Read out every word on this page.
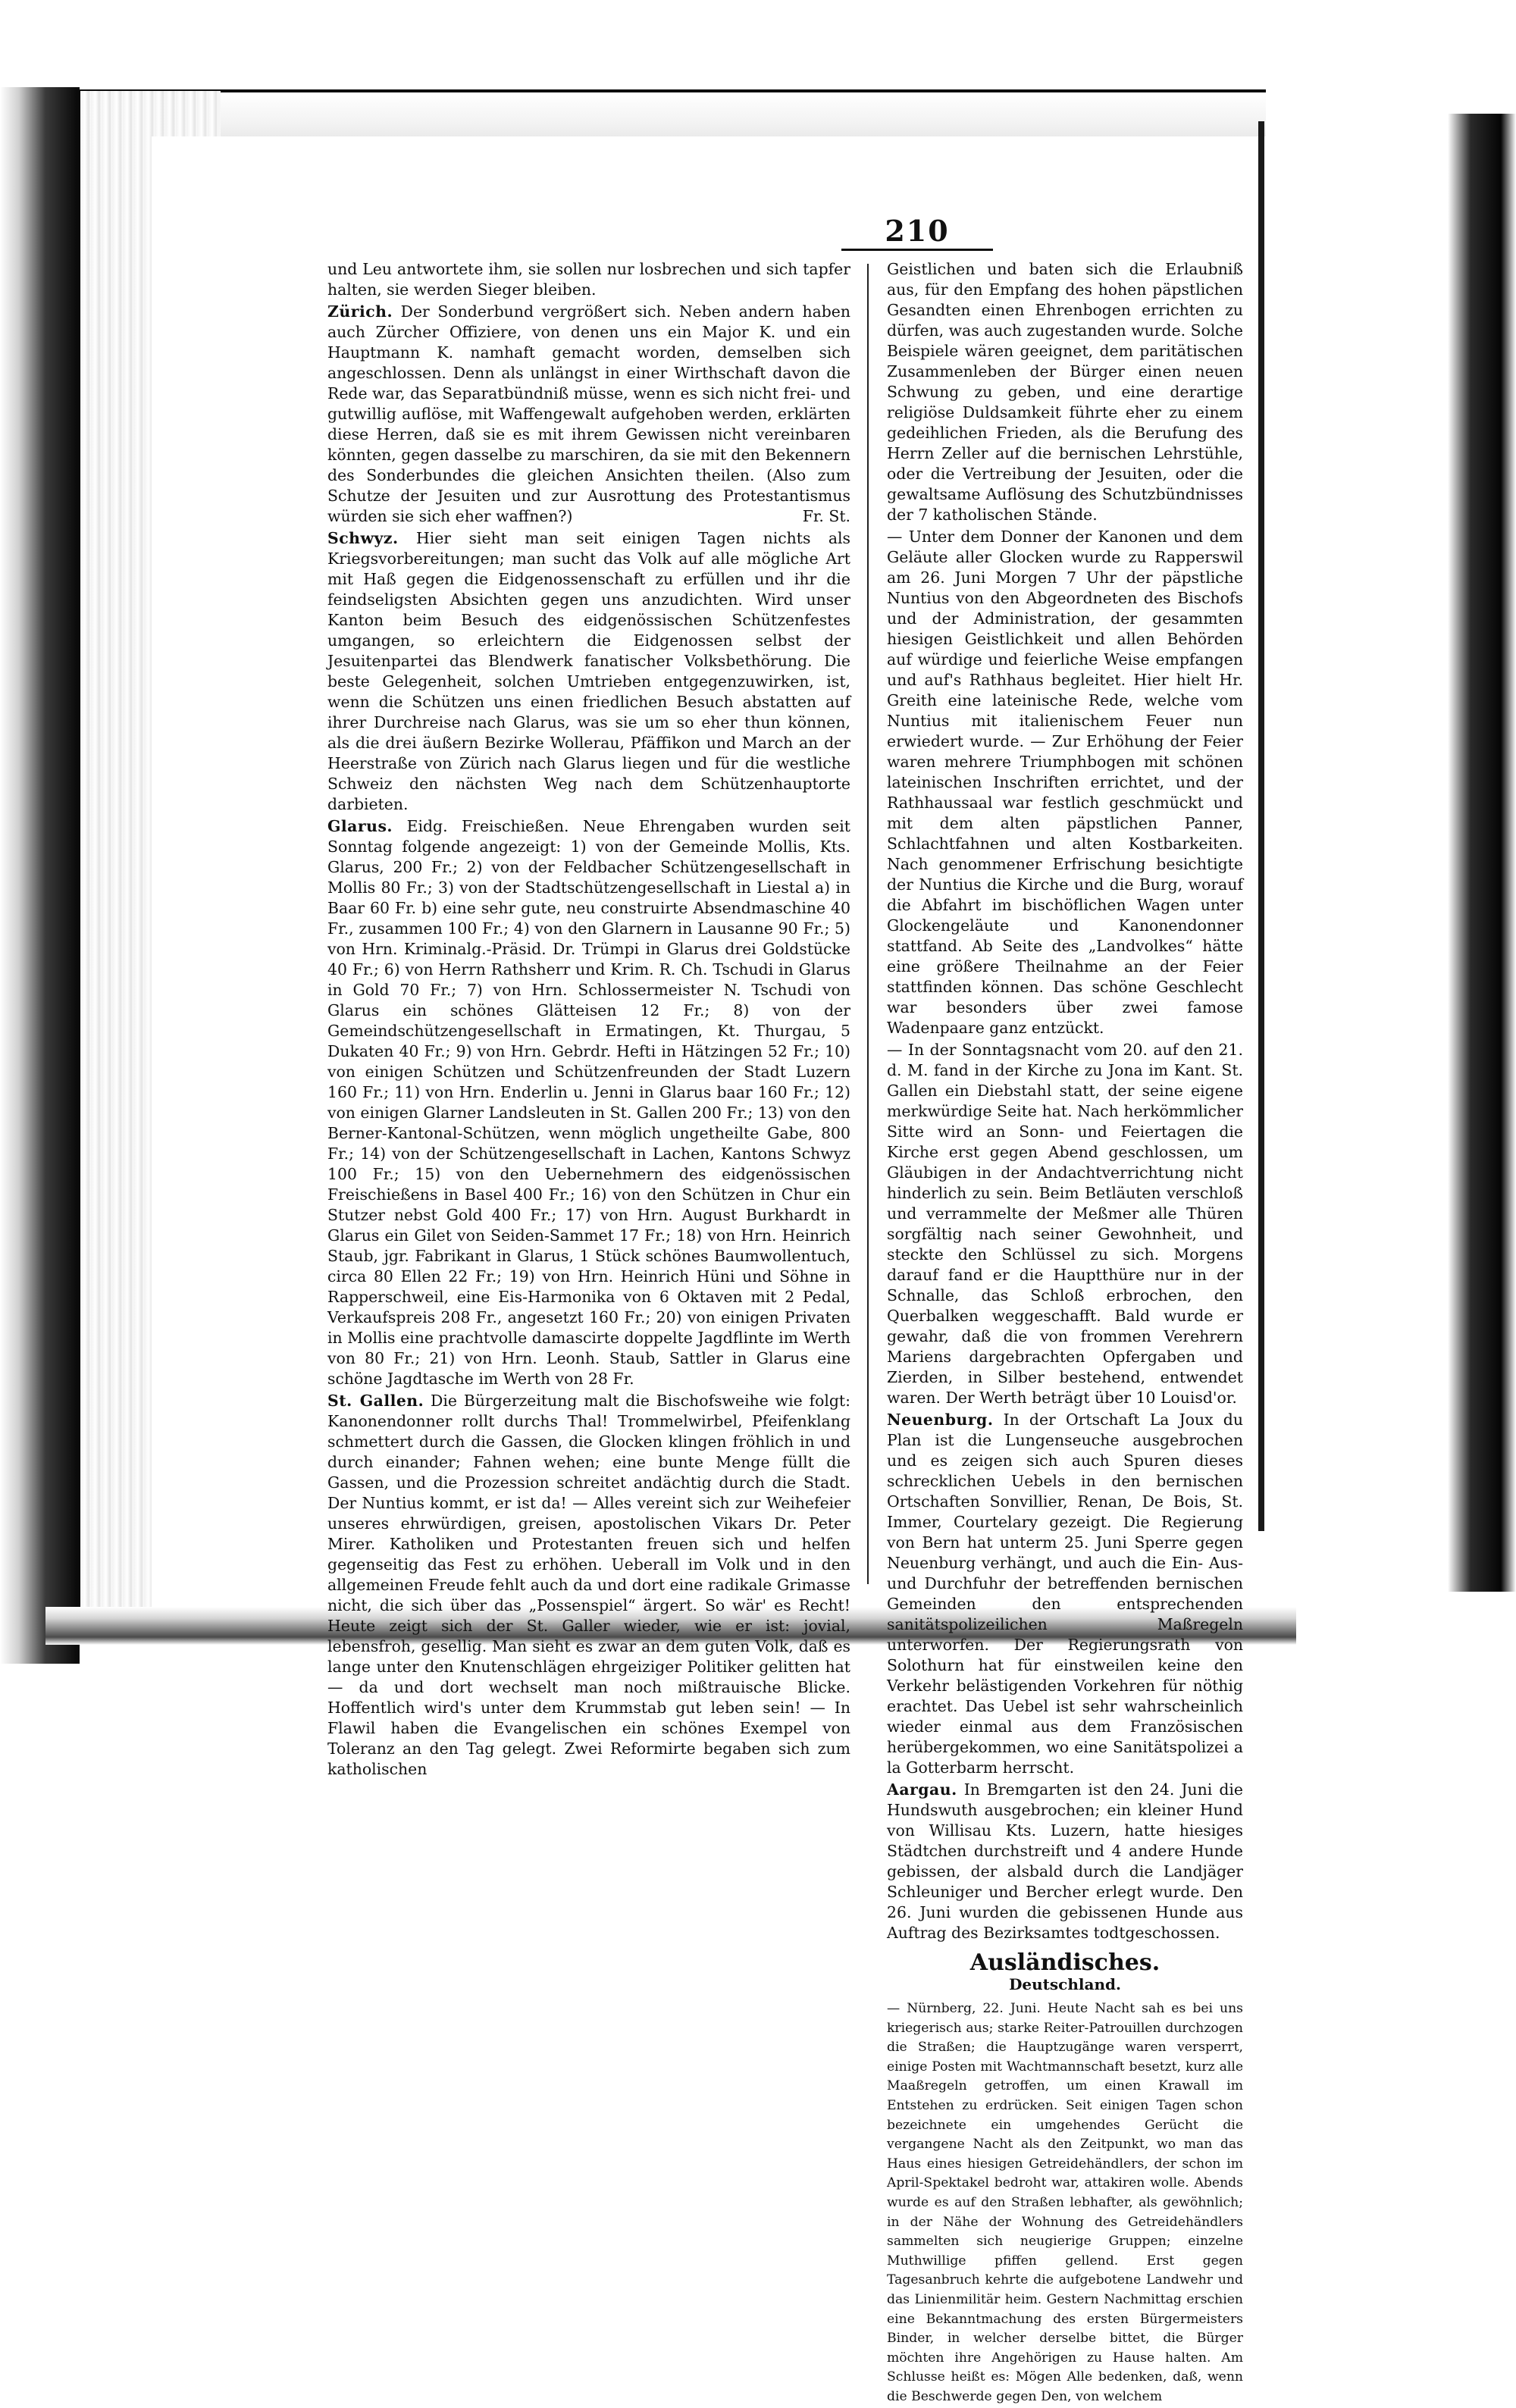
210

und Leu antwortete ihm, sie sollen nur losbrechen und sich tapfer halten, sie werden Sieger bleiben.

Zürich. Der Sonderbund vergrößert sich. Neben andern haben auch Zürcher Offiziere, von denen uns ein Major K. und ein Hauptmann K. namhaft gemacht worden, demselben sich angeschlossen. Denn als unlängst in einer Wirthschaft davon die Rede war, das Separatbündniß müsse, wenn es sich nicht frei- und gutwillig auflöse, mit Waffengewalt aufgehoben werden, erklärten diese Herren, daß sie es mit ihrem Gewissen nicht vereinbaren könnten, gegen dasselbe zu marschiren, da sie mit den Bekennern des Sonderbundes die gleichen Ansichten theilen. (Also zum Schutze der Jesuiten und zur Ausrottung des Protestantismus würden sie sich eher waffnen?)	Fr. St.

Schwyz. Hier sieht man seit einigen Tagen nichts als Kriegsvorbereitungen; man sucht das Volk auf alle mögliche Art mit Haß gegen die Eidgenossenschaft zu erfüllen und ihr die feindseligsten Absichten gegen uns anzudichten. Wird unser Kanton beim Besuch des eidgenössischen Schützenfestes umgangen, so erleichtern die Eidgenossen selbst der Jesuitenpartei das Blendwerk fanatischer Volksbethörung. Die beste Gelegenheit, solchen Umtrieben entgegenzuwirken, ist, wenn die Schützen uns einen friedlichen Besuch abstatten auf ihrer Durchreise nach Glarus, was sie um so eher thun können, als die drei äußern Bezirke Wollerau, Pfäffikon und March an der Heerstraße von Zürich nach Glarus liegen und für die westliche Schweiz den nächsten Weg nach dem Schützenhauptorte darbieten.

Glarus. Eidg. Freischießen. Neue Ehrengaben wurden seit Sonntag folgende angezeigt: 1) von der Gemeinde Mollis, Kts. Glarus, 200 Fr.; 2) von der Feldbacher Schützengesellschaft in Mollis 80 Fr.; 3) von der Stadtschützengesellschaft in Liestal a) in Baar 60 Fr. b) eine sehr gute, neu construirte Absendmaschine 40 Fr., zusammen 100 Fr.; 4) von den Glarnern in Lausanne 90 Fr.; 5) von Hrn. Kriminalg.-Präsid. Dr. Trümpi in Glarus drei Goldstücke 40 Fr.; 6) von Herrn Rathsherr und Krim. R. Ch. Tschudi in Glarus in Gold 70 Fr.; 7) von Hrn. Schlossermeister N. Tschudi von Glarus ein schönes Glätteisen 12 Fr.; 8) von der Gemeindschützengesellschaft in Ermatingen, Kt. Thurgau, 5 Dukaten 40 Fr.; 9) von Hrn. Gebrdr. Hefti in Hätzingen 52 Fr.; 10) von einigen Schützen und Schützenfreunden der Stadt Luzern 160 Fr.; 11) von Hrn. Enderlin u. Jenni in Glarus baar 160 Fr.; 12) von einigen Glarner Landsleuten in St. Gallen 200 Fr.; 13) von den Berner-Kantonal-Schützen, wenn möglich ungetheilte Gabe, 800 Fr.; 14) von der Schützengesellschaft in Lachen, Kantons Schwyz 100 Fr.; 15) von den Uebernehmern des eidgenössischen Freischießens in Basel 400 Fr.; 16) von den Schützen in Chur ein Stutzer nebst Gold 400 Fr.; 17) von Hrn. August Burkhardt in Glarus ein Gilet von Seiden-Sammet 17 Fr.; 18) von Hrn. Heinrich Staub, jgr. Fabrikant in Glarus, 1 Stück schönes Baumwollentuch, circa 80 Ellen 22 Fr.; 19) von Hrn. Heinrich Hüni und Söhne in Rapperschweil, eine Eis-Harmonika von 6 Oktaven mit 2 Pedal, Verkaufspreis 208 Fr., angesetzt 160 Fr.; 20) von einigen Privaten in Mollis eine prachtvolle damascirte doppelte Jagdflinte im Werth von 80 Fr.; 21) von Hrn. Leonh. Staub, Sattler in Glarus eine schöne Jagdtasche im Werth von 28 Fr.

St. Gallen. Die Bürgerzeitung malt die Bischofsweihe wie folgt: Kanonendonner rollt durchs Thal! Trommelwirbel, Pfeifenklang schmettert durch die Gassen, die Glocken klingen fröhlich in und durch einander; Fahnen wehen; eine bunte Menge füllt die Gassen, und die Prozession schreitet andächtig durch die Stadt. Der Nuntius kommt, er ist da! — Alles vereint sich zur Weihefeier unseres ehrwürdigen, greisen, apostolischen Vikars Dr. Peter Mirer. Katholiken und Protestanten freuen sich und helfen gegenseitig das Fest zu erhöhen. Ueberall im Volk und in den allgemeinen Freude fehlt auch da und dort eine radikale Grimasse nicht, die sich über das „Possenspiel“ ärgert. So wär' es Recht! Heute zeigt sich der St. Galler wieder, wie er ist: jovial, lebensfroh, gesellig. Man sieht es zwar an dem guten Volk, daß es lange unter den Knutenschlägen ehrgeiziger Politiker gelitten hat — da und dort wechselt man noch mißtrauische Blicke. Hoffentlich wird's unter dem Krummstab gut leben sein! — In Flawil haben die Evangelischen ein schönes Exempel von Toleranz an den Tag gelegt. Zwei Reformirte begaben sich zum katholischen

Geistlichen und baten sich die Erlaubniß aus, für den Empfang des hohen päpstlichen Gesandten einen Ehrenbogen errichten zu dürfen, was auch zugestanden wurde. Solche Beispiele wären geeignet, dem paritätischen Zusammenleben der Bürger einen neuen Schwung zu geben, und eine derartige religiöse Duldsamkeit führte eher zu einem gedeihlichen Frieden, als die Berufung des Herrn Zeller auf die bernischen Lehrstühle, oder die Vertreibung der Jesuiten, oder die gewaltsame Auflösung des Schutzbündnisses der 7 katholischen Stände.

— Unter dem Donner der Kanonen und dem Geläute aller Glocken wurde zu Rapperswil am 26. Juni Morgen 7 Uhr der päpstliche Nuntius von den Abgeordneten des Bischofs und der Administration, der gesammten hiesigen Geistlichkeit und allen Behörden auf würdige und feierliche Weise empfangen und auf's Rathhaus begleitet. Hier hielt Hr. Greith eine lateinische Rede, welche vom Nuntius mit italienischem Feuer nun erwiedert wurde. — Zur Erhöhung der Feier waren mehrere Triumphbogen mit schönen lateinischen Inschriften errichtet, und der Rathhaussaal war festlich geschmückt und mit dem alten päpstlichen Panner, Schlachtfahnen und alten Kostbarkeiten. Nach genommener Erfrischung besichtigte der Nuntius die Kirche und die Burg, worauf die Abfahrt im bischöflichen Wagen unter Glockengeläute und Kanonendonner stattfand. Ab Seite des „Landvolkes“ hätte eine größere Theilnahme an der Feier stattfinden können. Das schöne Geschlecht war besonders über zwei famose Wadenpaare ganz entzückt.

— In der Sonntagsnacht vom 20. auf den 21. d. M. fand in der Kirche zu Jona im Kant. St. Gallen ein Diebstahl statt, der seine eigene merkwürdige Seite hat. Nach herkömmlicher Sitte wird an Sonn- und Feiertagen die Kirche erst gegen Abend geschlossen, um Gläubigen in der Andachtverrichtung nicht hinderlich zu sein. Beim Betläuten verschloß und verrammelte der Meßmer alle Thüren sorgfältig nach seiner Gewohnheit, und steckte den Schlüssel zu sich. Morgens darauf fand er die Hauptthüre nur in der Schnalle, das Schloß erbrochen, den Querbalken weggeschafft. Bald wurde er gewahr, daß die von frommen Verehrern Mariens dargebrachten Opfergaben und Zierden, in Silber bestehend, entwendet waren. Der Werth beträgt über 10 Louisd'or.

Neuenburg. In der Ortschaft La Joux du Plan ist die Lungenseuche ausgebrochen und es zeigen sich auch Spuren dieses schrecklichen Uebels in den bernischen Ortschaften Sonvillier, Renan, De Bois, St. Immer, Courtelary gezeigt. Die Regierung von Bern hat unterm 25. Juni Sperre gegen Neuenburg verhängt, und auch die Ein- Aus- und Durchfuhr der betreffenden bernischen Gemeinden den entsprechenden sanitätspolizeilichen Maßregeln unterworfen. Der Regierungsrath von Solothurn hat für einstweilen keine den Verkehr belästigenden Vorkehren für nöthig erachtet. Das Uebel ist sehr wahrscheinlich wieder einmal aus dem Französischen herübergekommen, wo eine Sanitätspolizei a la Gotterbarm herrscht.

Aargau. In Bremgarten ist den 24. Juni die Hundswuth ausgebrochen; ein kleiner Hund von Willisau Kts. Luzern, hatte hiesiges Städtchen durchstreift und 4 andere Hunde gebissen, der alsbald durch die Landjäger Schleuniger und Bercher erlegt wurde. Den 26. Juni wurden die gebissenen Hunde aus Auftrag des Bezirksamtes todtgeschossen.

Ausländisches.
Deutschland.

— Nürnberg, 22. Juni. Heute Nacht sah es bei uns kriegerisch aus; starke Reiter-Patrouillen durchzogen die Straßen; die Hauptzugänge waren versperrt, einige Posten mit Wachtmannschaft besetzt, kurz alle Maaßregeln getroffen, um einen Krawall im Entstehen zu erdrücken. Seit einigen Tagen schon bezeichnete ein umgehendes Gerücht die vergangene Nacht als den Zeitpunkt, wo man das Haus eines hiesigen Getreidehändlers, der schon im April-Spektakel bedroht war, attakiren wolle. Abends wurde es auf den Straßen lebhafter, als gewöhnlich; in der Nähe der Wohnung des Getreidehändlers sammelten sich neugierige Gruppen; einzelne Muthwillige pfiffen gellend. Erst gegen Tagesanbruch kehrte die aufgebotene Landwehr und das Linienmilitär heim. Gestern Nachmittag erschien eine Bekanntmachung des ersten Bürgermeisters Binder, in welcher derselbe bittet, die Bürger möchten ihre Angehörigen zu Hause halten. Am Schlusse heißt es: Mögen Alle bedenken, daß, wenn die Beschwerde gegen Den, von welchem
